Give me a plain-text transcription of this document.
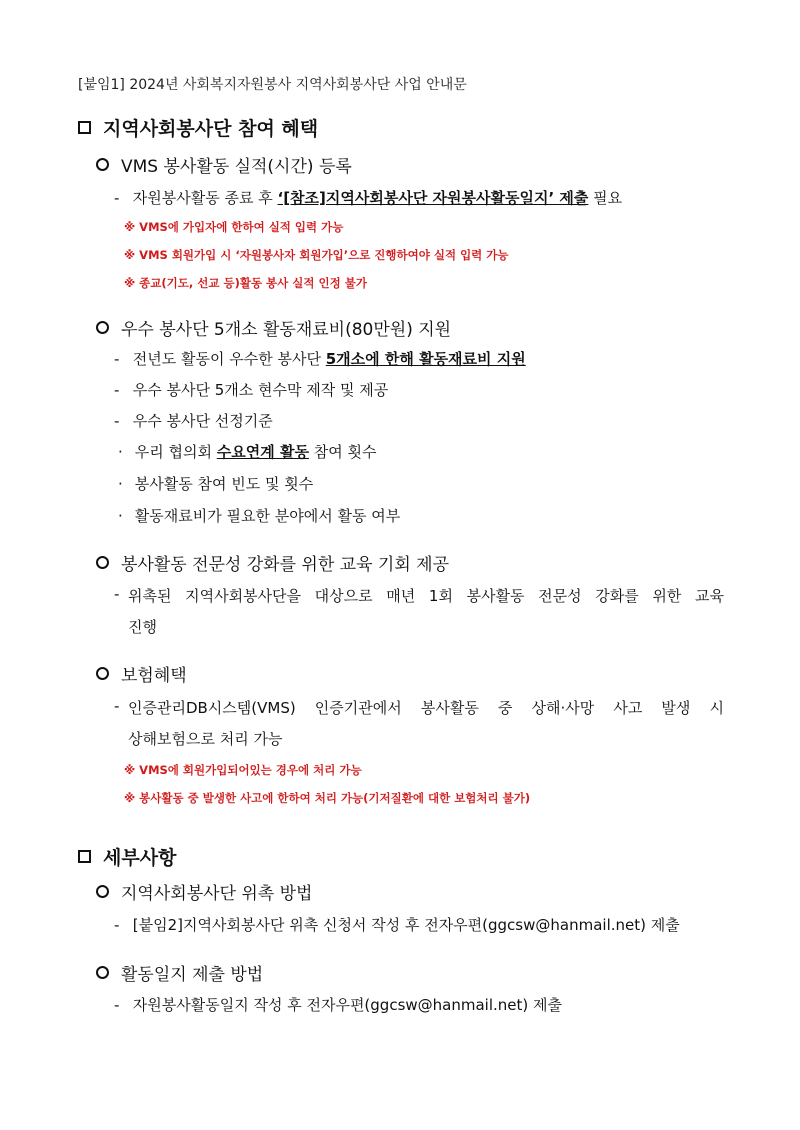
[붙임1] 2024년 사회복지자원봉사 지역사회봉사단 사업 안내문
지역사회봉사단 참여 혜택
VMS 봉사활동 실적(시간) 등록
- 자원봉사활동 종료 후 ‘[참조]지역사회봉사단 자원봉사활동일지’ 제출 필요
※ VMS에 가입자에 한하여 실적 입력 가능
※ VMS 회원가입 시 ‘자원봉사자 회원가입’으로 진행하여야 실적 입력 가능
※ 종교(기도, 선교 등)활동 봉사 실적 인정 불가
우수 봉사단 5개소 활동재료비(80만원) 지원
- 전년도 활동이 우수한 봉사단 5개소에 한해 활동재료비 지원
- 우수 봉사단 5개소 현수막 제작 및 제공
- 우수 봉사단 선정기준
· 우리 협의회 수요연계 활동 참여 횟수
· 봉사활동 참여 빈도 및 횟수
· 활동재료비가 필요한 분야에서 활동 여부
봉사활동 전문성 강화를 위한 교육 기회 제공
- 위촉된 지역사회봉사단을 대상으로 매년 1회 봉사활동 전문성 강화를 위한 교육
진행
보험혜택
- 인증관리DB시스템(VMS) 인증기관에서 봉사활동 중 상해·사망 사고 발생 시
상해보험으로 처리 가능
※ VMS에 회원가입되어있는 경우에 처리 가능
※ 봉사활동 중 발생한 사고에 한하여 처리 가능(기저질환에 대한 보험처리 불가)
세부사항
지역사회봉사단 위촉 방법
- [붙임2]지역사회봉사단 위촉 신청서 작성 후 전자우편(ggcsw@hanmail.net) 제출
활동일지 제출 방법
- 자원봉사활동일지 작성 후 전자우편(ggcsw@hanmail.net) 제출
